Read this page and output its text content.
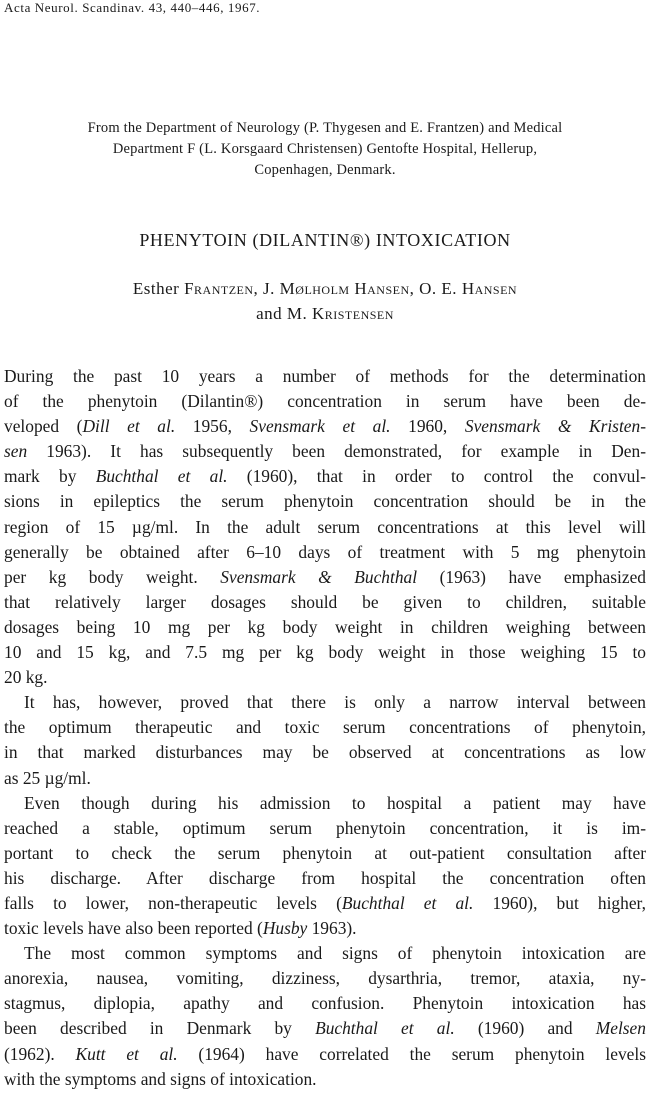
Acta Neurol. Scandinav. 43, 440–446, 1967.
From the Department of Neurology (P. Thygesen and E. Frantzen) and Medical
Department F (L. Korsgaard Christensen) Gentofte Hospital, Hellerup,
Copenhagen, Denmark.
PHENYTOIN (DILANTIN®) INTOXICATION
Esther Frantzen, J. Mølholm Hansen, O. E. Hansen
and M. Kristensen

During the past 10 years a number of methods for the determination
of the phenytoin (Dilantin®) concentration in serum have been de-
veloped (Dill et al. 1956, Svensmark et al. 1960, Svensmark & Kristen-
sen 1963). It has subsequently been demonstrated, for example in Den-
mark by Buchthal et al. (1960), that in order to control the convul-
sions in epileptics the serum phenytoin concentration should be in the
region of 15 µg/ml. In the adult serum concentrations at this level will
generally be obtained after 6–10 days of treatment with 5 mg phenytoin
per kg body weight. Svensmark & Buchthal (1963) have emphasized
that relatively larger dosages should be given to children, suitable
dosages being 10 mg per kg body weight in children weighing between
10 and 15 kg, and 7.5 mg per kg body weight in those weighing 15 to
20 kg.

It has, however, proved that there is only a narrow interval between
the optimum therapeutic and toxic serum concentrations of phenytoin,
in that marked disturbances may be observed at concentrations as low
as 25 µg/ml.

Even though during his admission to hospital a patient may have
reached a stable, optimum serum phenytoin concentration, it is im-
portant to check the serum phenytoin at out-patient consultation after
his discharge. After discharge from hospital the concentration often
falls to lower, non-therapeutic levels (Buchthal et al. 1960), but higher,
toxic levels have also been reported (Husby 1963).

The most common symptoms and signs of phenytoin intoxication are
anorexia, nausea, vomiting, dizziness, dysarthria, tremor, ataxia, ny-
stagmus, diplopia, apathy and confusion. Phenytoin intoxication has
been described in Denmark by Buchthal et al. (1960) and Melsen
(1962). Kutt et al. (1964) have correlated the serum phenytoin levels
with the symptoms and signs of intoxication.
